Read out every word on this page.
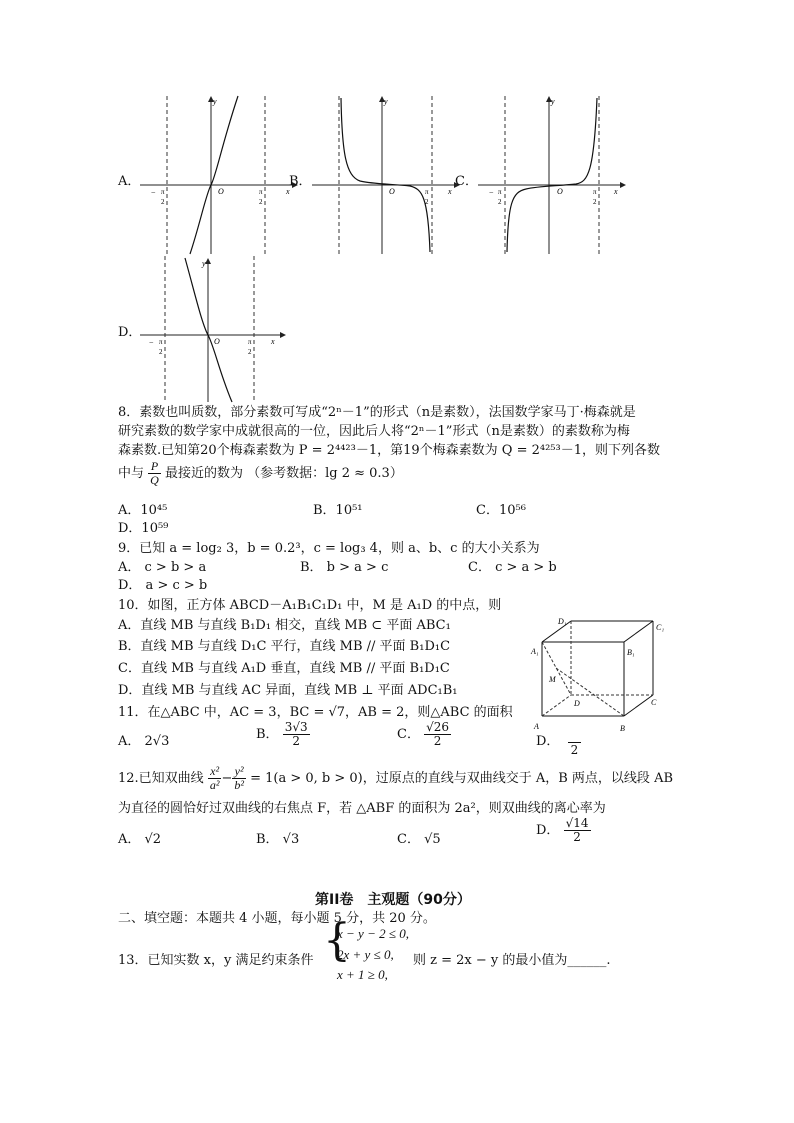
A．
y
x
O
− π
2
π
2
B．
y
x
O	π
2
C．
y
x
O
− π
2
π
2
D．
y
x
O
− π
2
π
2
8．素数也叫质数，部分素数可写成“2ⁿ－1”的形式（n是素数），法国数学家马丁·梅森就是
研究素数的数学家中成就很高的一位，因此后人将“2ⁿ－1”形式（n是素数）的素数称为梅
森素数.已知第20个梅森素数为 P = 2⁴⁴²³－1，第19个梅森素数为 Q = 2⁴²⁵³－1，则下列各数
中与 $\frac{P}{Q}$ 最接近的数为 （参考数据：lg 2 ≈ 0.3）
A．10⁴⁵	B．10⁵¹	C．10⁵⁶
D．10⁵⁹
9．已知 a = log₂ 3，b = 0.2³，c = log₃ 4，则 a、b、c 的大小关系为
A． c > b > a	B． b > a > c	C． c > a > b
D． a > c > b
10．如图，正方体 ABCD－A₁B₁C₁D₁ 中，M 是 A₁D 的中点，则
A．直线 MB 与直线 B₁D₁ 相交，直线 MB ⊂ 平面 ABC₁
B．直线 MB 与直线 D₁C 平行，直线 MB // 平面 B₁D₁C
C．直线 MB 与直线 A₁D 垂直，直线 MB // 平面 B₁D₁C
D．直线 MB 与直线 AC 异面，直线 MB ⊥ 平面 ADC₁B₁
D₁
C₁
A₁	B₁
M
D	C
A	B
11．在△ABC 中，AC = 3，BC = √7，AB = 2，则△ABC 的面积
A． 2√3	B． $\frac{3√3}{2}$	C． $\frac{√26}{2}$	D． 2
12.已知双曲线 $\frac{\text{x²}}{\text{a²}} - \frac{\text{y²}}{\text{b²}} = 1(a > 0$, b > 0)，过原点的直线与双曲线交于 A，B 两点，以线段 AB
为直径的圆恰好过双曲线的右焦点 F，若 △ABF 的面积为 2a²，则双曲线的离心率为
A． √2	B． √3	C． √5
D． $\frac{√14}{2}$
第II卷　主观题（90分）
二、填空题：本题共 4 小题，每小题 5 分，共 20 分。
13．已知实数 x，y 满足约束条件 {
x − y − 2 ≤ 0,
2x + y ≤ 0,
x + 1 ≥ 0,
则 z = 2x − y 的最小值为______.
